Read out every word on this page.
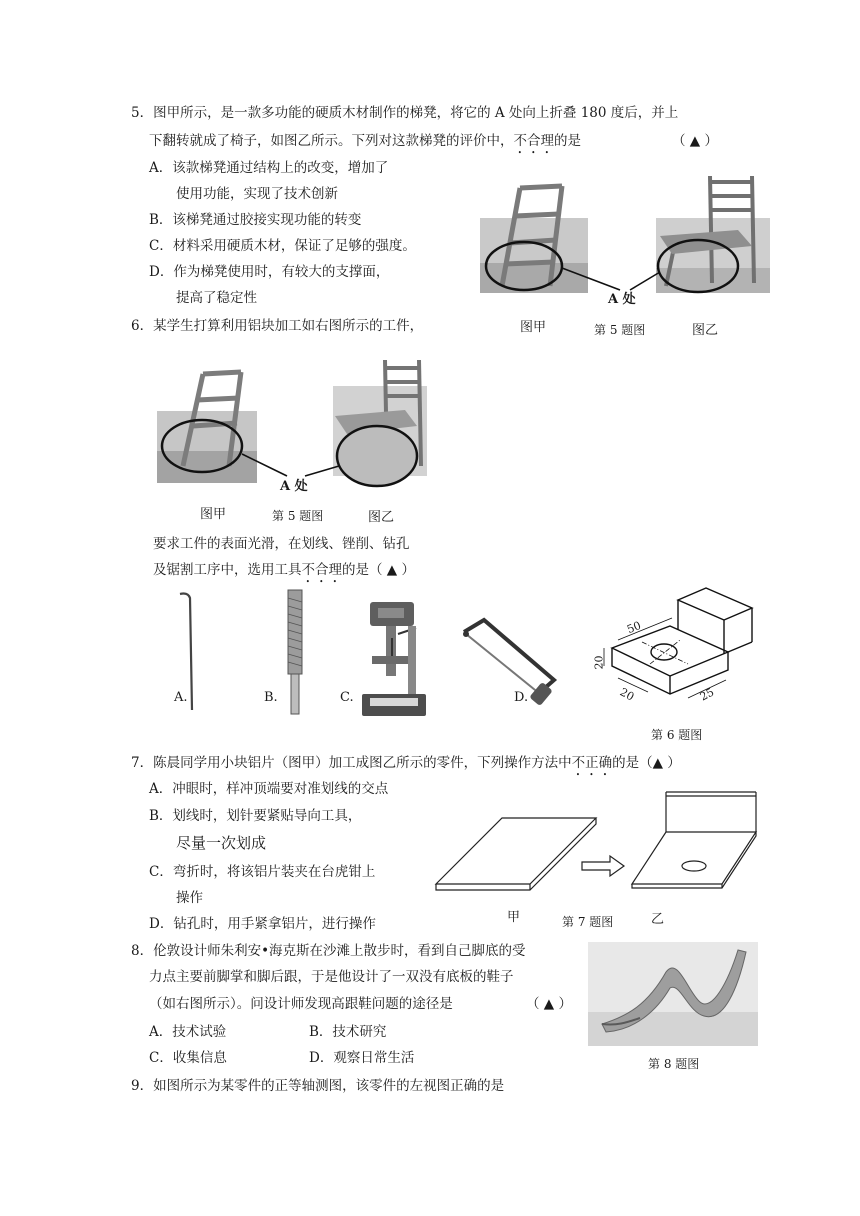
5．图甲所示，是一款多功能的硬质木材制作的梯凳，将它的 A 处向上折叠 180 度后，并上
下翻转就成了椅子，如图乙所示。下列对这款梯凳的评价中，不合理的是	（ ▲ ）
A．该款梯凳通过结构上的改变，增加了
使用功能，实现了技术创新
B．该梯凳通过胶接实现功能的转变
C．材料采用硬质木材，保证了足够的强度。
D．作为梯凳使用时，有较大的支撑面，
提高了稳定性	A 处
图甲	第 5 题图	图乙
6．某学生打算利用铝块加工如右图所示的工件，
A 处
图甲	第 5 题图	图乙
要求工件的表面光滑，在划线、锉削、钻孔
及锯割工序中，选用工具不合理的是（ ▲ ）
A.	B.	C.	D.
50
20
20	25
第 6 题图
7．陈晨同学用小块铝片（图甲）加工成图乙所示的零件，下列操作方法中不正确的是（▲ ）
A．冲眼时，样冲顶端要对准划线的交点
B．划线时，划针要紧贴导向工具，
尽量一次划成
C．弯折时，将该铝片装夹在台虎钳上
操作
D．钻孔时，用手紧拿铝片，进行操作	甲	第 7 题图	乙
8．伦敦设计师朱利安•海克斯在沙滩上散步时，看到自己脚底的受
力点主要前脚掌和脚后跟，于是他设计了一双没有底板的鞋子
（如右图所示）。问设计师发现高跟鞋问题的途径是	（ ▲ ）
A．技术试验	B．技术研究
C．收集信息	D．观察日常生活	第 8 题图
9．如图所示为某零件的正等轴测图，该零件的左视图正确的是
